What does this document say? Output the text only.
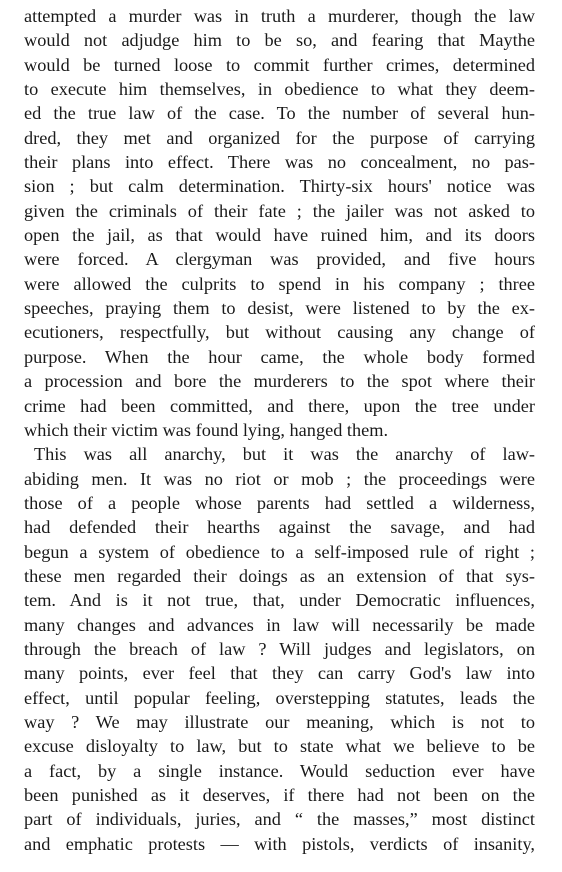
attempted a murder was in truth a murderer, though the law
would not adjudge him to be so, and fearing that Maythe
would be turned loose to commit further crimes, determined
to execute him themselves, in obedience to what they deem-
ed the true law of the case. To the number of several hun-
dred, they met and organized for the purpose of carrying
their plans into effect. There was no concealment, no pas-
sion ; but calm determination. Thirty-six hours' notice was
given the criminals of their fate ; the jailer was not asked to
open the jail, as that would have ruined him, and its doors
were forced. A clergyman was provided, and five hours
were allowed the culprits to spend in his company ; three
speeches, praying them to desist, were listened to by the ex-
ecutioners, respectfully, but without causing any change of
purpose. When the hour came, the whole body formed
a procession and bore the murderers to the spot where their
crime had been committed, and there, upon the tree under
which their victim was found lying, hanged them.
This was all anarchy, but it was the anarchy of law-
abiding men. It was no riot or mob ; the proceedings were
those of a people whose parents had settled a wilderness,
had defended their hearths against the savage, and had
begun a system of obedience to a self-imposed rule of right ;
these men regarded their doings as an extension of that sys-
tem. And is it not true, that, under Democratic influences,
many changes and advances in law will necessarily be made
through the breach of law ? Will judges and legislators, on
many points, ever feel that they can carry God's law into
effect, until popular feeling, overstepping statutes, leads the
way ? We may illustrate our meaning, which is not to
excuse disloyalty to law, but to state what we believe to be
a fact, by a single instance. Would seduction ever have
been punished as it deserves, if there had not been on the
part of individuals, juries, and “ the masses,” most distinct
and emphatic protests — with pistols, verdicts of insanity,
